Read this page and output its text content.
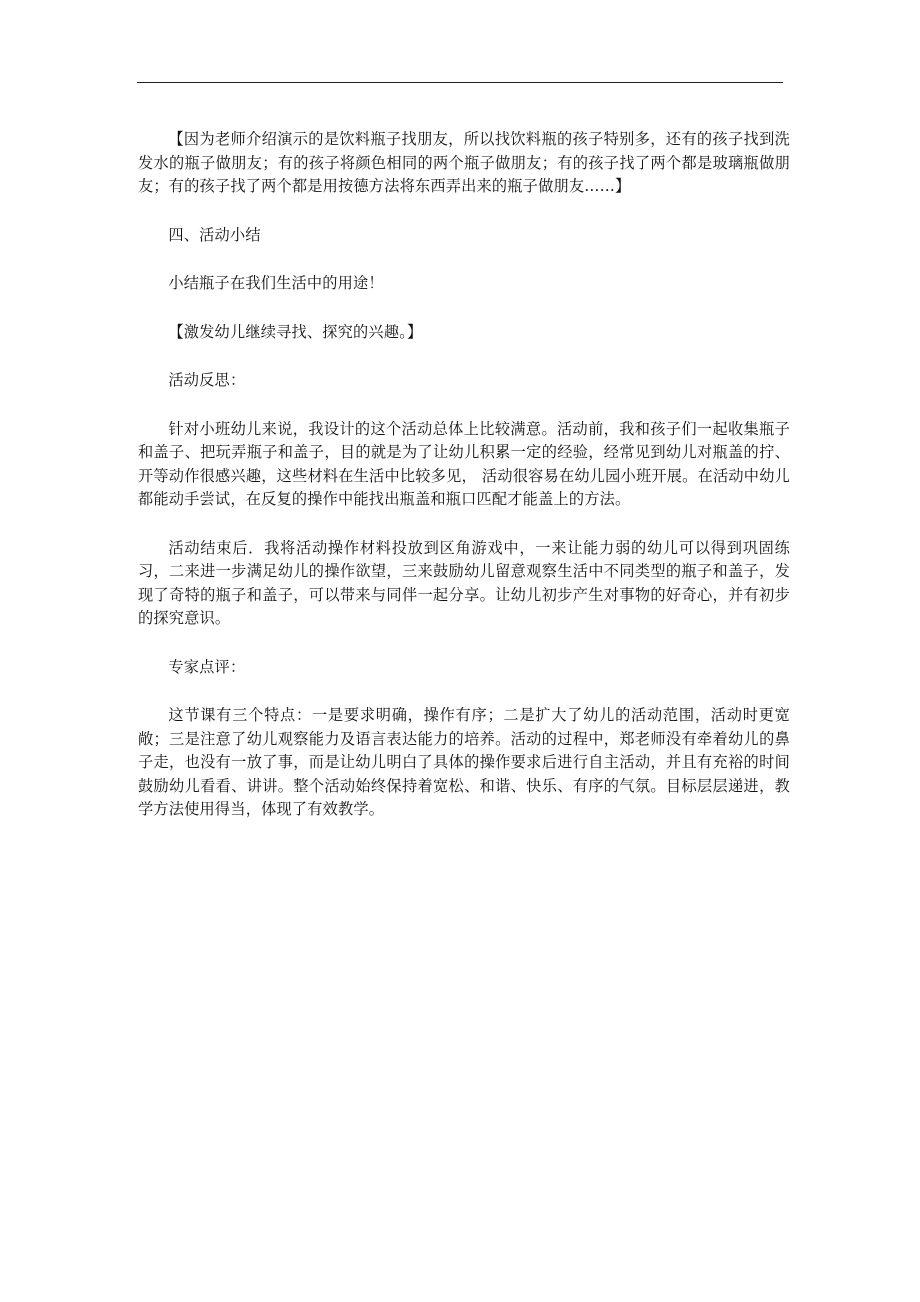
【因为老师介绍演示的是饮料瓶子找朋友，所以找饮料瓶的孩子特别多，还有的孩子找到洗发水的瓶子做朋友；有的孩子将颜色相同的两个瓶子做朋友；有的孩子找了两个都是玻璃瓶做朋友；有的孩子找了两个都是用按德方法将东西弄出来的瓶子做朋友……】

四、活动小结

小结瓶子在我们生活中的用途！

【激发幼儿继续寻找、探究的兴趣。】

活动反思：

针对小班幼儿来说，我设计的这个活动总体上比较满意。活动前，我和孩子们一起收集瓶子和盖子、把玩弄瓶子和盖子，目的就是为了让幼儿积累一定的经验，经常见到幼儿对瓶盖的拧、开等动作很感兴趣，这些材料在生活中比较多见， 活动很容易在幼儿园小班开展。在活动中幼儿都能动手尝试，在反复的操作中能找出瓶盖和瓶口匹配才能盖上的方法。

活动结束后．我将活动操作材料投放到区角游戏中，一来让能力弱的幼儿可以得到巩固练习，二来进一步满足幼儿的操作欲望，三来鼓励幼儿留意观察生活中不同类型的瓶子和盖子，发现了奇特的瓶子和盖子，可以带来与同伴一起分享。让幼儿初步产生对事物的好奇心，并有初步的探究意识。

专家点评：

这节课有三个特点：一是要求明确，操作有序；二是扩大了幼儿的活动范围，活动时更宽敞；三是注意了幼儿观察能力及语言表达能力的培养。活动的过程中，郑老师没有牵着幼儿的鼻子走，也没有一放了事，而是让幼儿明白了具体的操作要求后进行自主活动，并且有充裕的时间鼓励幼儿看看、讲讲。整个活动始终保持着宽松、和谐、快乐、有序的气氛。目标层层递进，教学方法使用得当，体现了有效教学。
